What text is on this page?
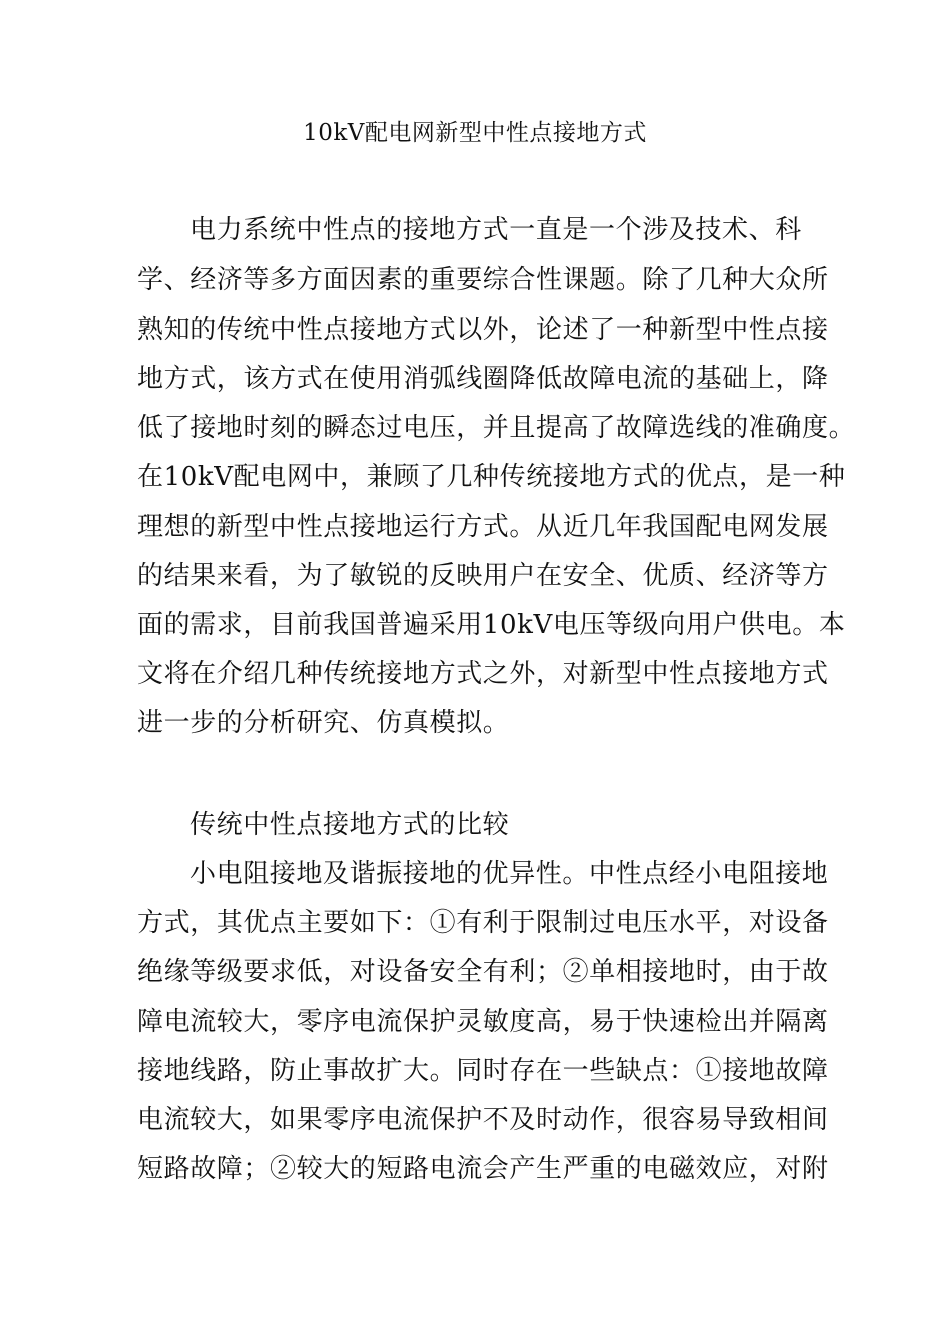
10kV配电网新型中性点接地方式

电力系统中性点的接地方式一直是一个涉及技术、科

学、经济等多方面因素的重要综合性课题。除了几种大众所

熟知的传统中性点接地方式以外，论述了一种新型中性点接

地方式，该方式在使用消弧线圈降低故障电流的基础上，降

低了接地时刻的瞬态过电压，并且提高了故障选线的准确度。

在10kV配电网中，兼顾了几种传统接地方式的优点，是一种

理想的新型中性点接地运行方式。从近几年我国配电网发展

的结果来看，为了敏锐的反映用户在安全、优质、经济等方

面的需求，目前我国普遍采用10kV电压等级向用户供电。本

文将在介绍几种传统接地方式之外，对新型中性点接地方式

进一步的分析研究、仿真模拟。

传统中性点接地方式的比较

小电阻接地及谐振接地的优异性。中性点经小电阻接地

方式，其优点主要如下：①有利于限制过电压水平，对设备

绝缘等级要求低，对设备安全有利；②单相接地时，由于故

障电流较大，零序电流保护灵敏度高，易于快速检出并隔离

接地线路，防止事故扩大。同时存在一些缺点：①接地故障

电流较大，如果零序电流保护不及时动作，很容易导致相间

短路故障；②较大的短路电流会产生严重的电磁效应，对附
